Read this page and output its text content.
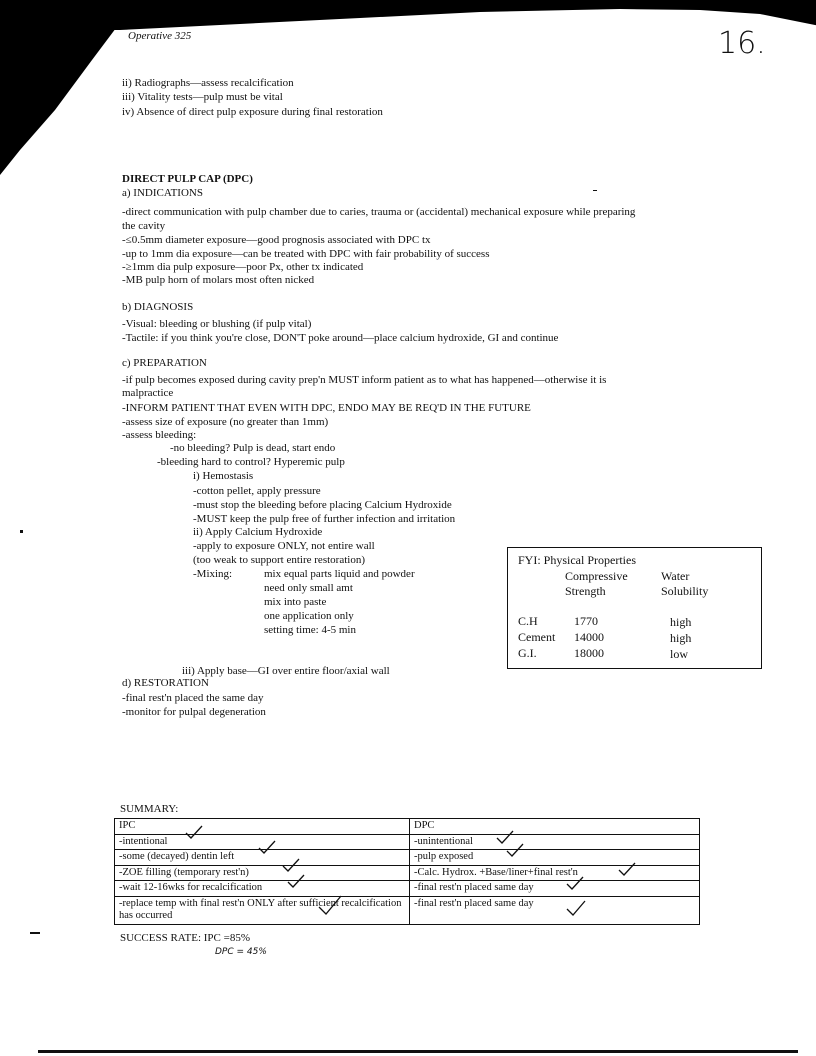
Operative 325	16.
ii) Radiographs—assess recalcification
iii) Vitality tests—pulp must be vital
iv) Absence of direct pulp exposure during final restoration
DIRECT PULP CAP (DPC)
a) INDICATIONS
-direct communication with pulp chamber due to caries, trauma or (accidental) mechanical exposure while preparing
the cavity
-≤0.5mm diameter exposure—good prognosis associated with DPC tx
-up to 1mm dia exposure—can be treated with DPC with fair probability of success
-≥1mm dia pulp exposure—poor Px, other tx indicated
-MB pulp horn of molars most often nicked
b) DIAGNOSIS
-Visual: bleeding or blushing (if pulp vital)
-Tactile: if you think you're close, DON'T poke around—place calcium hydroxide, GI and continue
c) PREPARATION
-if pulp becomes exposed during cavity prep'n MUST inform patient as to what has happened—otherwise it is
malpractice
-INFORM PATIENT THAT EVEN WITH DPC, ENDO MAY BE REQ'D IN THE FUTURE
-assess size of exposure (no greater than 1mm)
-assess bleeding:
-no bleeding? Pulp is dead, start endo
-bleeding hard to control? Hyperemic pulp
i) Hemostasis
-cotton pellet, apply pressure
-must stop the bleeding before placing Calcium Hydroxide
-MUST keep the pulp free of further infection and irritation
ii) Apply Calcium Hydroxide
-apply to exposure ONLY, not entire wall
(too weak to support entire restoration)
-Mixing:	mix equal parts liquid and powder
need only small amt
mix into paste
one application only
setting time: 4-5 min
iii) Apply base—GI over entire floor/axial wall
d) RESTORATION
-final rest'n placed the same day
-monitor for pulpal degeneration
FYI: Physical Properties
Compressive
Strength
Water
Solubility
C.H	1770	high
Cement 14000	high
G.I.	18000	low
SUMMARY:
IPC	DPC
-intentional	-unintentional
-some (decayed) dentin left	-pulp exposed
-ZOE filling (temporary rest'n)	-Calc. Hydrox. +Base/liner+final rest'n
-wait 12-16wks for recalcification	-final rest'n placed same day
-replace temp with final rest'n ONLY after sufficient recalcification has occurred	-final rest'n placed same day
SUCCESS RATE: IPC =85%
DPC = 45%
